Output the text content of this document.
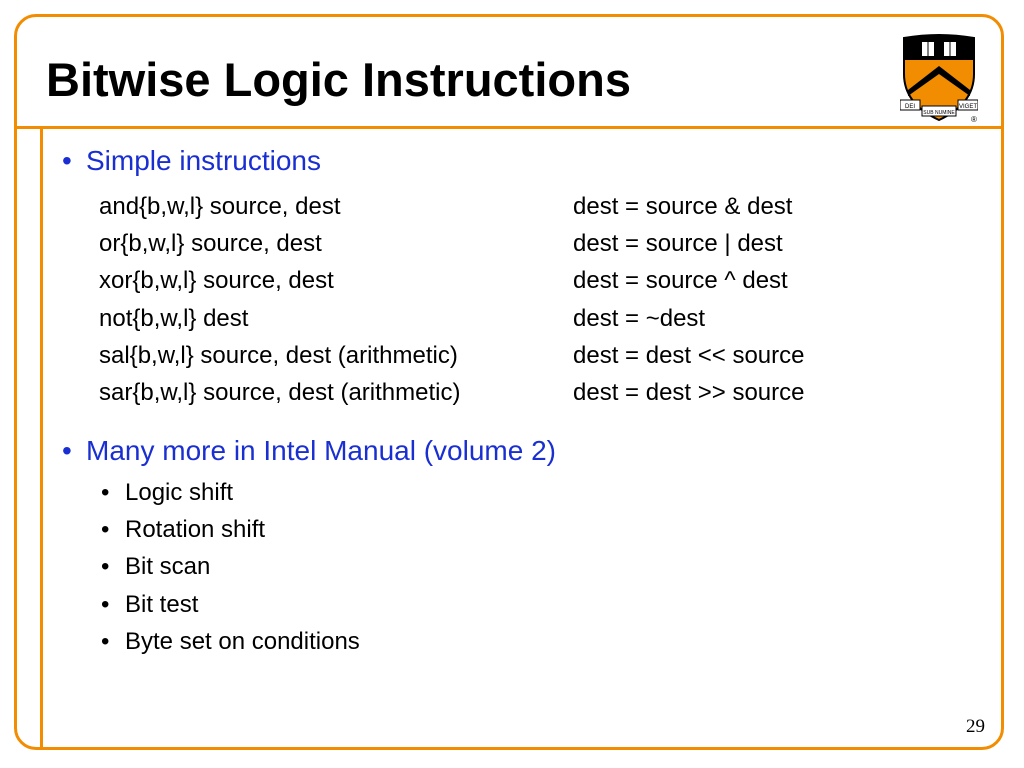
Bitwise Logic Instructions
DEI
SUB NUMINE
VIGET
®
• Simple instructions
and{b,w,l} source, dest	dest = source & dest
or{b,w,l} source, dest	dest = source | dest
xor{b,w,l} source, dest	dest = source ^ dest
not{b,w,l} dest	dest = ~dest
sal{b,w,l} source, dest (arithmetic)	dest = dest << source
sar{b,w,l} source, dest (arithmetic)	dest = dest >> source
• Many more in Intel Manual (volume 2)
• Logic shift
• Rotation shift
• Bit scan
• Bit test
• Byte set on conditions
29
